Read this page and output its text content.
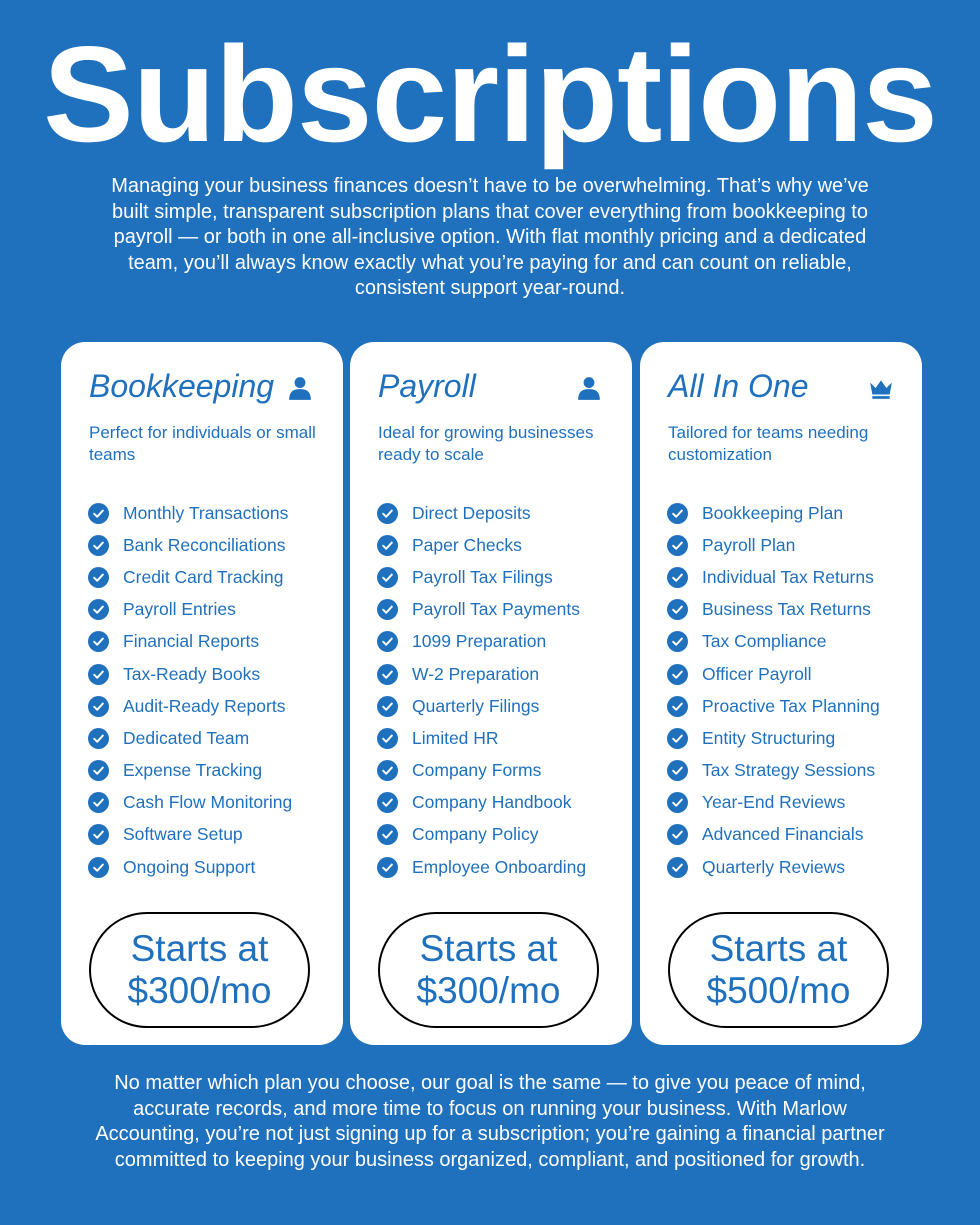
Subscriptions

Managing your business finances doesn’t have to be overwhelming. That’s why we’ve built simple, transparent subscription plans that cover everything from bookkeeping to payroll — or both in one all-inclusive option. With flat monthly pricing and a dedicated team, you’ll always know exactly what you’re paying for and can count on reliable, consistent support year-round.

Bookkeeping
Perfect for individuals or small teams
Monthly Transactions
Bank Reconciliations
Credit Card Tracking
Payroll Entries
Financial Reports
Tax-Ready Books
Audit-Ready Reports
Dedicated Team
Expense Tracking
Cash Flow Monitoring
Software Setup
Ongoing Support
Starts at
$300/mo
Payroll
Ideal for growing businesses ready to scale
Direct Deposits
Paper Checks
Payroll Tax Filings
Payroll Tax Payments
1099 Preparation
W-2 Preparation
Quarterly Filings
Limited HR
Company Forms
Company Handbook
Company Policy
Employee Onboarding
Starts at
$300/mo
All In One
Tailored for teams needing customization
Bookkeeping Plan
Payroll Plan
Individual Tax Returns
Business Tax Returns
Tax Compliance
Officer Payroll
Proactive Tax Planning
Entity Structuring
Tax Strategy Sessions
Year-End Reviews
Advanced Financials
Quarterly Reviews
Starts at
$500/mo

No matter which plan you choose, our goal is the same — to give you peace of mind, accurate records, and more time to focus on running your business. With Marlow Accounting, you’re not just signing up for a subscription; you’re gaining a financial partner committed to keeping your business organized, compliant, and positioned for growth.
